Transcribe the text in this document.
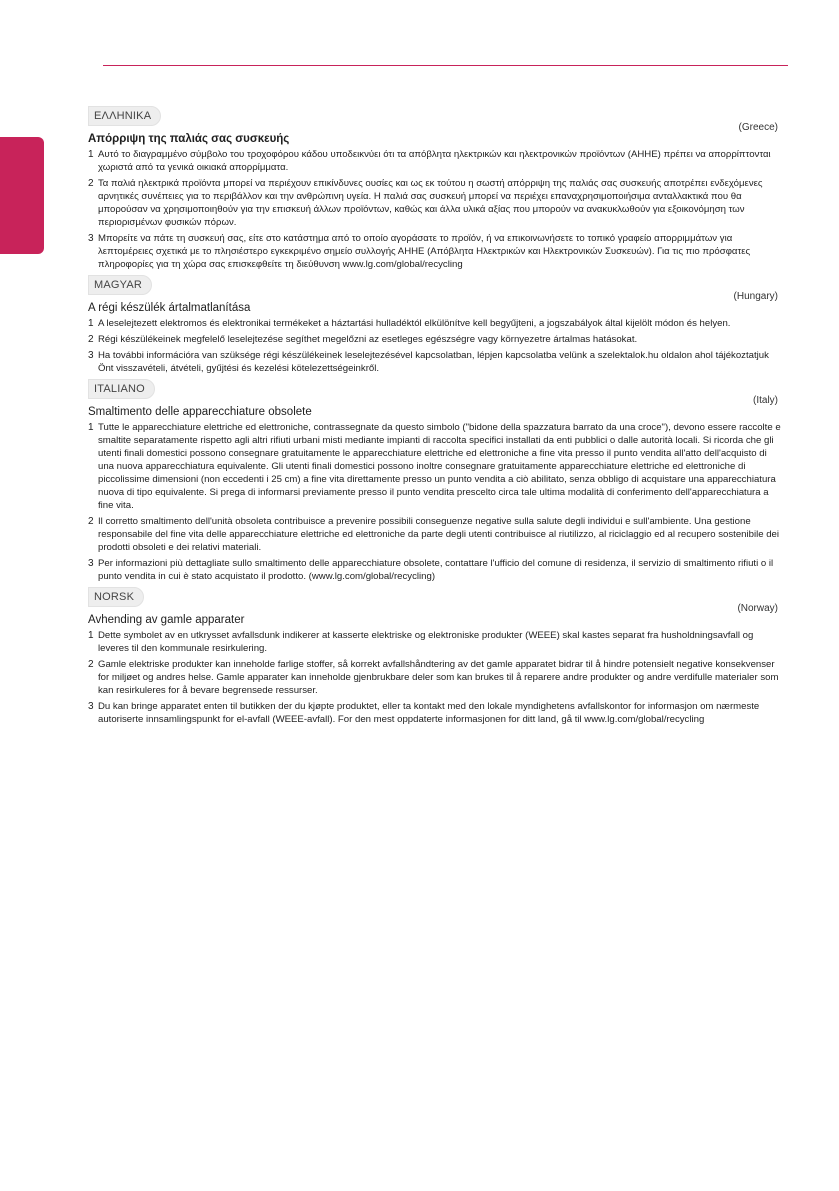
ΕΛΛΗΝΙΚΑ
(Greece)
Απόρριψη της παλιάς σας συσκευής
1 Αυτό το διαγραμμένο σύμβολο του τροχοφόρου κάδου υποδεικνύει ότι τα απόβλητα ηλεκτρικών και ηλεκτρονικών προϊόντων (ΑΗΗΕ) πρέπει να απορρίπτονται χωριστά από τα γενικά οικιακά απορρίμματα.
2 Τα παλιά ηλεκτρικά προϊόντα μπορεί να περιέχουν επικίνδυνες ουσίες και ως εκ τούτου η σωστή απόρριψη της παλιάς σας συσκευής αποτρέπει ενδεχόμενες αρνητικές συνέπειες για το περιβάλλον και την ανθρώπινη υγεία. Η παλιά σας συσκευή μπορεί να περιέχει επαναχρησιμοποιήσιμα ανταλλακτικά που θα μπορούσαν να χρησιμοποιηθούν για την επισκευή άλλων προϊόντων, καθώς και άλλα υλικά αξίας που μπορούν να ανακυκλωθούν για εξοικονόμηση των περιορισμένων φυσικών πόρων.
3 Μπορείτε να πάτε τη συσκευή σας, είτε στο κατάστημα από το οποίο αγοράσατε το προϊόν, ή να επικοινωνήσετε το τοπικό γραφείο απορριμμάτων για λεπτομέρειες σχετικά με το πλησιέστερο εγκεκριμένο σημείο συλλογής ΑΗΗΕ (Απόβλητα Ηλεκτρικών και Ηλεκτρονικών Συσκευών). Για τις πιο πρόσφατες πληροφορίες για τη χώρα σας επισκεφθείτε τη διεύθυνση www.lg.com/global/recycling
MAGYAR
(Hungary)
A régi készülék ártalmatlanítása
1 A leselejtezett elektromos és elektronikai termékeket a háztartási hulladéktól elkülönítve kell begyűjteni, a jogszabályok által kijelölt módon és helyen.
2 Régi készülékeinek megfelelő leselejtezése segíthet megelőzni az esetleges egészségre vagy környezetre ártalmas hatásokat.
3 Ha további információra van szüksége régi készülékeinek leselejtezésével kapcsolatban, lépjen kapcsolatba velünk a szelektalok.hu oldalon ahol tájékoztatjuk Önt visszavételi, átvételi, gyűjtési és kezelési kötelezettségeinkről.
ITALIANO
(Italy)
Smaltimento delle apparecchiature obsolete
1 Tutte le apparecchiature elettriche ed elettroniche, contrassegnate da questo simbolo ("bidone della spazzatura barrato da una croce"), devono essere raccolte e smaltite separatamente rispetto agli altri rifiuti urbani misti mediante impianti di raccolta specifici installati da enti pubblici o dalle autorità locali. Si ricorda che gli utenti finali domestici possono consegnare gratuitamente le apparecchiature elettriche ed elettroniche a fine vita presso il punto vendita all'atto dell'acquisto di una nuova apparecchiatura equivalente. Gli utenti finali domestici possono inoltre consegnare gratuitamente apparecchiature elettriche ed elettroniche di piccolissime dimensioni (non eccedenti i 25 cm) a fine vita direttamente presso un punto vendita a ciò abilitato, senza obbligo di acquistare una apparecchiatura nuova di tipo equivalente. Si prega di informarsi previamente presso il punto vendita prescelto circa tale ultima modalità di conferimento dell'apparecchiatura a fine vita.
2 Il corretto smaltimento dell'unità obsoleta contribuisce a prevenire possibili conseguenze negative sulla salute degli individui e sull'ambiente. Una gestione responsabile del fine vita delle apparecchiature elettriche ed elettroniche da parte degli utenti contribuisce al riutilizzo, al riciclaggio ed al recupero sostenibile dei prodotti obsoleti e dei relativi materiali.
3 Per informazioni più dettagliate sullo smaltimento delle apparecchiature obsolete, contattare l'ufficio del comune di residenza, il servizio di smaltimento rifiuti o il punto vendita in cui è stato acquistato il prodotto. (www.lg.com/global/recycling)
NORSK
(Norway)
Avhending av gamle apparater
1 Dette symbolet av en utkrysset avfallsdunk indikerer at kasserte elektriske og elektroniske produkter (WEEE) skal kastes separat fra husholdningsavfall og leveres til den kommunale resirkulering.
2 Gamle elektriske produkter kan inneholde farlige stoffer, så korrekt avfallshåndtering av det gamle apparatet bidrar til å hindre potensielt negative konsekvenser for miljøet og andres helse. Gamle apparater kan inneholde gjenbrukbare deler som kan brukes til å reparere andre produkter og andre verdifulle materialer som kan resirkuleres for å bevare begrensede ressurser.
3 Du kan bringe apparatet enten til butikken der du kjøpte produktet, eller ta kontakt med den lokale myndighetens avfallskontor for informasjon om nærmeste autoriserte innsamlingspunkt for el-avfall (WEEE-avfall). For den mest oppdaterte informasjonen for ditt land, gå til www.lg.com/global/recycling
